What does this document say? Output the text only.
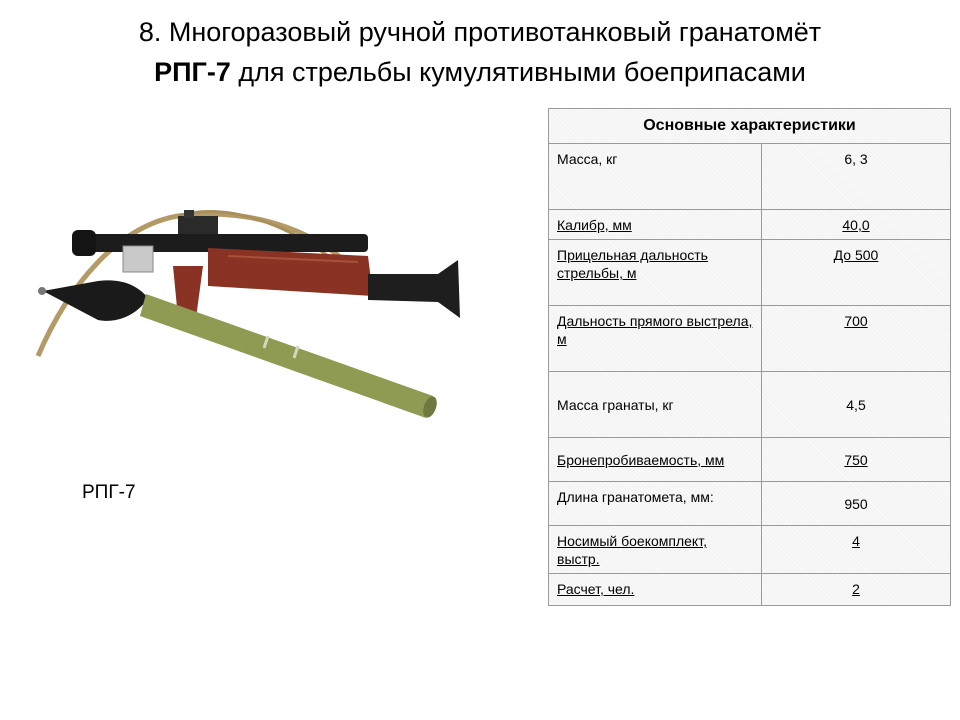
8. Многоразовый ручной противотанковый гранатомёт
РПГ-7 для стрельбы кумулятивными боеприпасами
РПГ-7
Основные характеристики	
Масса, кг	6, 3
Калибр, мм	40,0
Прицельная дальность стрельбы, м	До 500
Дальность прямого выстрела, м	700
Масса гранаты, кг	4,5
Бронепробиваемость, мм	750
Длина гранатомета, мм:	950
Носимый боекомплект, выстр.	4
Расчет, чел.	2
